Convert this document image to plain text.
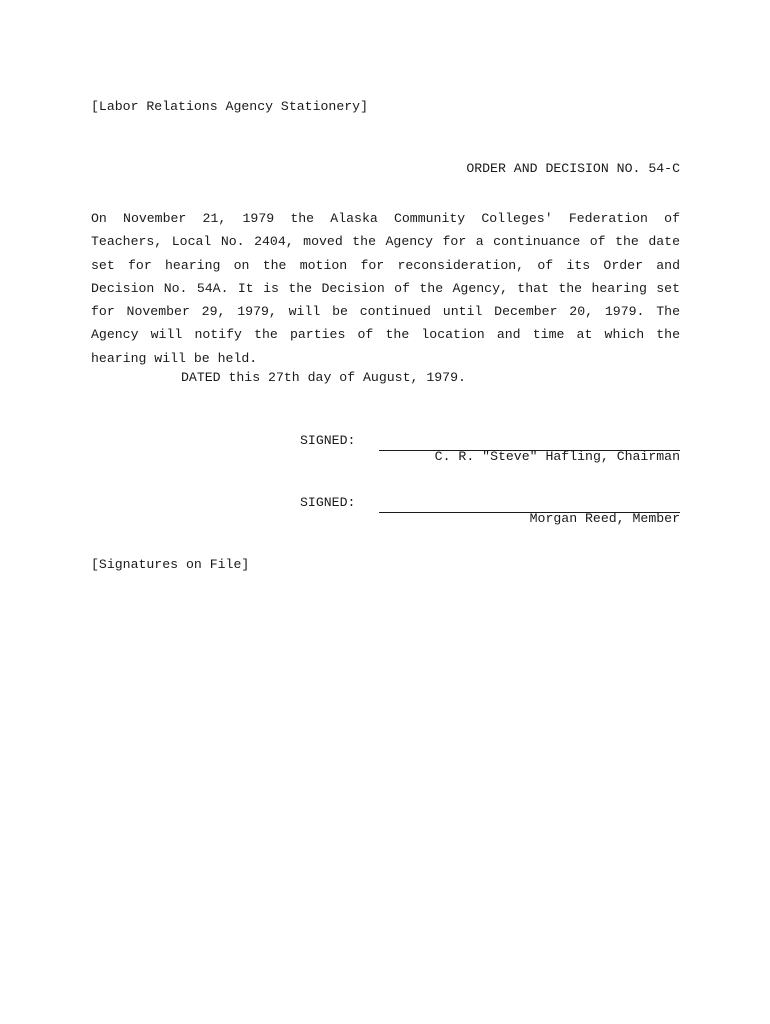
[Labor Relations Agency Stationery]
ORDER AND DECISION NO. 54-C
On November 21, 1979 the Alaska Community Colleges' Federation of Teachers, Local No. 2404, moved the Agency for a continuance of the date set for hearing on the motion for reconsideration, of its Order and Decision No. 54A. It is the Decision of the Agency, that the hearing set for November 29, 1979, will be continued until December 20, 1979. The Agency will notify the parties of the location and time at which the hearing will be held.
DATED this 27th day of August, 1979.
SIGNED:
C. R. "Steve" Hafling, Chairman
SIGNED:
Morgan Reed, Member
[Signatures on File]
